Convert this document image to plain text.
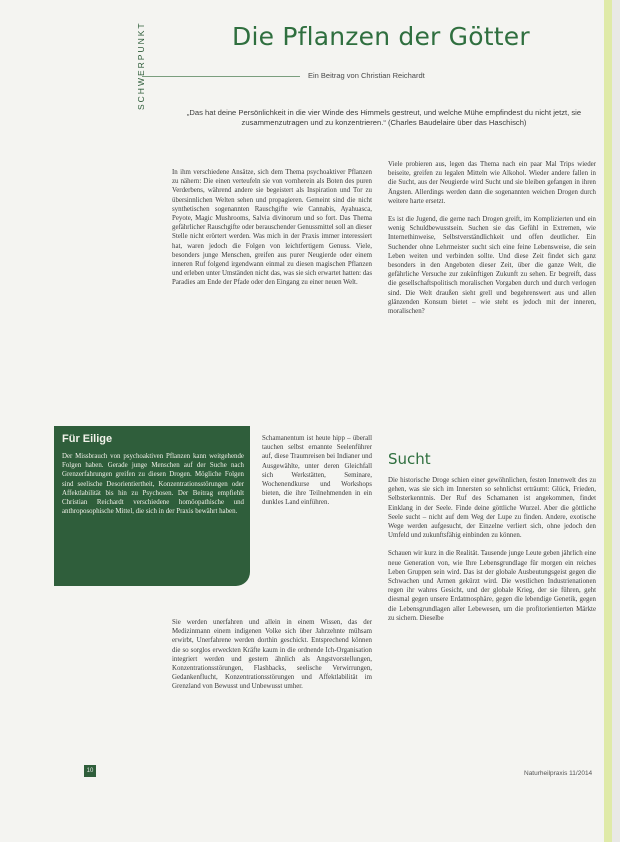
SCHWERPUNKT	Die Pflanzen der Götter
Ein Beitrag von Christian Reichardt
„Das hat deine Persönlichkeit in die vier Winde des Himmels gestreut, und welche Mühe empfindest du nicht jetzt, sie zusammenzutragen und zu konzentrieren.“ (Charles Baudelaire über das Haschisch)

In ihm verschiedene Ansätze, sich dem Thema psychoaktiver Pflanzen zu nähern: Die einen verteufeln sie von vornherein als Boten des puren Verderbens, während andere sie begeistert als Inspiration und Tor zu übersinnlichen Welten sehen und propagieren. Gemeint sind die nicht synthetischen sogenannten Rauschgifte wie Cannabis, Ayahuasca, Peyote, Magic Mushrooms, Salvia divinorum und so fort. Das Thema gefährlicher Rauschgifte oder berauschender Genussmittel soll an dieser Stelle nicht erörtert werden. Was mich in der Praxis immer interessiert hat, waren jedoch die Folgen von leichtfertigem Genuss. Viele, besonders junge Menschen, greifen aus purer Neugierde oder einem inneren Ruf folgend irgendwann einmal zu diesen magischen Pflanzen und erleben unter Umständen nicht das, was sie sich erwartet hatten: das Paradies am Ende der Pfade oder den Eingang zu einer neuen Welt.

Für Eilige

Der Missbrauch von psychoaktiven Pflanzen kann weitgehende Folgen haben. Gerade junge Menschen auf der Suche nach Grenzerfahrungen greifen zu diesen Drogen. Mögliche Folgen sind seelische Desorientiertheit, Konzentrationsstörungen oder Affektlabilität bis hin zu Psychosen. Der Beitrag empfiehlt Christian Reichardt verschiedene homöopathische und anthroposophische Mittel, die sich in der Praxis bewährt haben.

Schamanentum ist heute hipp – überall tauchen selbst ernannte Seelenführer auf, diese Traumreisen bei Indianer und Ausgewählte, unter deren Gleichfall sich Werkstätten, Seminare, Wochenendkurse und Workshops bieten, die ihre Teilnehmenden in ein dunkles Land einführen.

Sie werden unerfahren und allein in einem Wissen, das der Medizinmann einem indigenen Volke sich über Jahrzehnte mühsam erwirbt, Unerfahrene werden dorthin geschickt. Entsprechend können die so sorglos erweckten Kräfte kaum in die ordnende Ich-Organisation integriert werden und gestern ähnlich als Angstvorstellungen, Konzentrationsstörungen, Flashbacks, seelische Verwirrungen, Gedankenflucht, Konzentrationsstörungen und Affektlabilität im Grenzland von Bewusst und Unbewusst umher.

Viele probieren aus, legen das Thema nach ein paar Mal Trips wieder beiseite, greifen zu legalen Mitteln wie Alkohol. Wieder andere fallen in die Sucht, aus der Neugierde wird Sucht und sie bleiben gefangen in ihren Ängsten. Allerdings werden dann die sogenannten weichen Drogen durch weitere harte ersetzt.

Es ist die Jugend, die gerne nach Drogen greift, im Komplizierten und ein wenig Schuldbewusstsein. Suchen sie das Gefühl in Extremen, wie Internethinweise, Selbstverständlichkeit und offen deutlicher. Ein Suchender ohne Lehrmeister sucht sich eine feine Lebensweise, die sein Leben weiten und verbinden sollte. Und diese Zeit findet sich ganz besonders in den Angeboten dieser Zeit, über die ganze Welt, die gefährliche Versuche zur zukünftigen Zukunft zu sehen. Er begreift, dass die gesellschaftspolitisch moralischen Vorgaben durch und durch verlogen sind. Die Welt draußen sieht grell und begehrenswert aus und allen glänzenden Konsum bietet – wie steht es jedoch mit der inneren, moralischen?

Sucht

Die historische Droge schien einer gewöhnlichen, festen Innenwelt des zu gehen, was sie sich im Innersten so sehnlichst erträumt: Glück, Frieden, Selbsterkenntnis. Der Ruf des Schamanen ist angekommen, findet Einklang in der Seele. Finde deine göttliche Wurzel. Aber die göttliche Seele sucht – nicht auf dem Weg der Lupe zu finden. Andere, exotische Wege werden aufgesucht, der Einzelne verliert sich, ohne jedoch den Umfeld und zukunftsfähig einbinden zu können.

Schauen wir kurz in die Realität. Tausende junge Leute geben jährlich eine neue Generation von, wie Ihre Lebensgrundlage für morgen ein reiches Leben Gruppen sein wird. Das ist der globale Ausbeutungsgeist gegen die Schwachen und Armen gekürzt wird. Die westlichen Industrienationen regen ihr wahres Gesicht, und der globale Krieg, der sie führen, geht diesmal gegen unsere Erdatmosphäre, gegen die lebendige Genetik, gegen die Lebensgrundlagen aller Lebewesen, um die profitorientierten Märkte zu sichern. Dieselbe

10	Naturheilpraxis 11/2014
